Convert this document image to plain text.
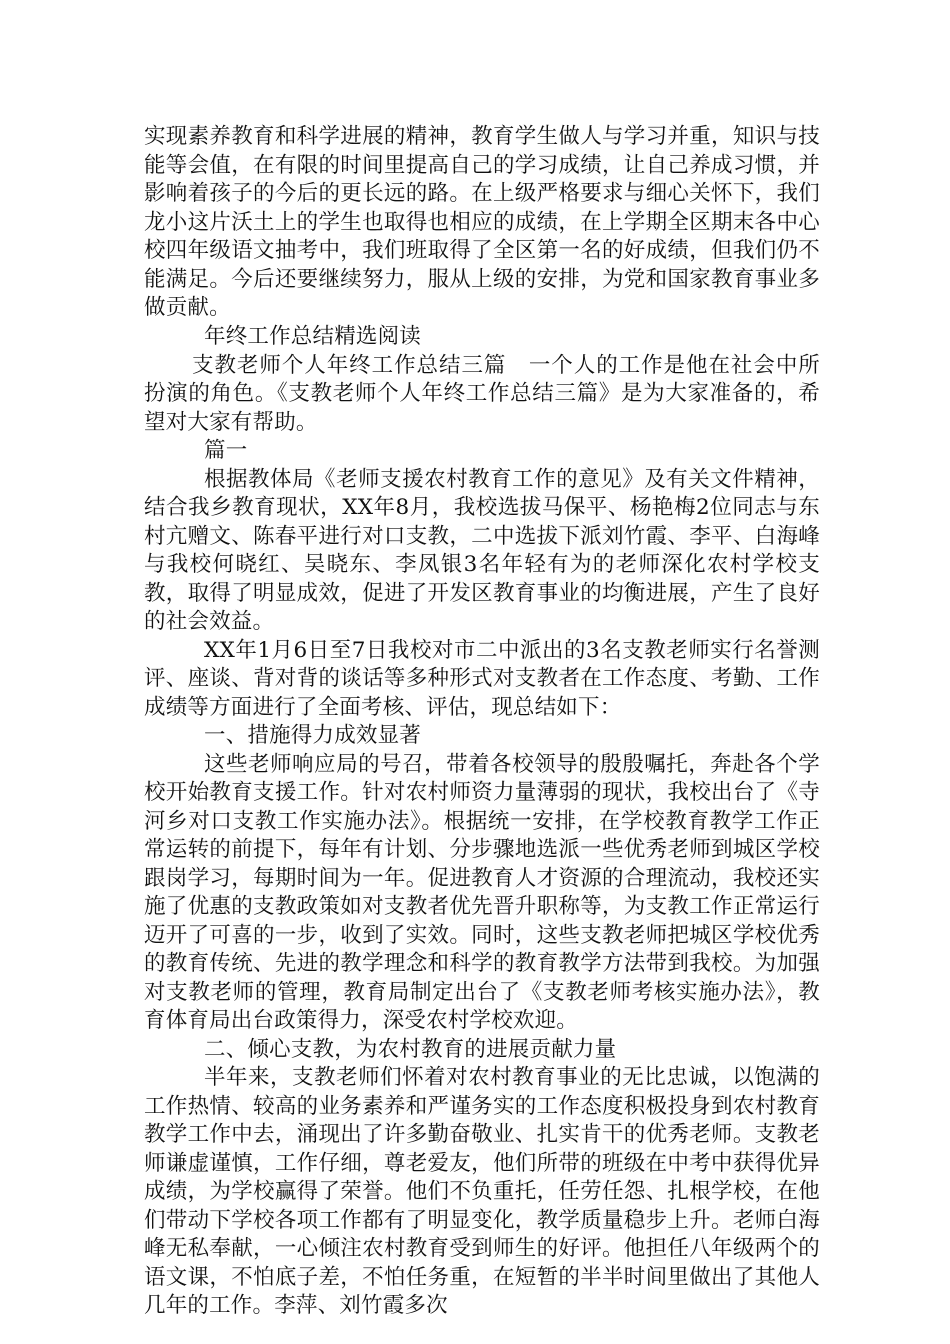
实现素养教育和科学进展的精神，教育学生做人与学习并重，知识与技能等会值，在有限的时间里提高自己的学习成绩，让自己养成习惯，并影响着孩子的今后的更长远的路。在上级严格要求与细心关怀下，我们龙小这片沃土上的学生也取得也相应的成绩，在上学期全区期末各中心校四年级语文抽考中，我们班取得了全区第一名的好成绩，但我们仍不能满足。今后还要继续努力，服从上级的安排，为党和国家教育事业多做贡献。

年终工作总结精选阅读

支教老师个人年终工作总结三篇　一个人的工作是他在社会中所扮演的角色。《支教老师个人年终工作总结三篇》是为大家准备的，希望对大家有帮助。

篇一

根据教体局《老师支援农村教育工作的意见》及有关文件精神，结合我乡教育现状，XX年8月，我校选拔马保平、杨艳梅2位同志与东村亢赠文、陈春平进行对口支教，二中选拔下派刘竹霞、李平、白海峰与我校何晓红、吴晓东、李凤银3名年轻有为的老师深化农村学校支教，取得了明显成效，促进了开发区教育事业的均衡进展，产生了良好的社会效益。

XX年1月6日至7日我校对市二中派出的3名支教老师实行名誉测评、座谈、背对背的谈话等多种形式对支教者在工作态度、考勤、工作成绩等方面进行了全面考核、评估，现总结如下：

一、措施得力成效显著

这些老师响应局的号召，带着各校领导的殷殷嘱托，奔赴各个学校开始教育支援工作。针对农村师资力量薄弱的现状，我校出台了《寺河乡对口支教工作实施办法》。根据统一安排，在学校教育教学工作正常运转的前提下，每年有计划、分步骤地选派一些优秀老师到城区学校跟岗学习，每期时间为一年。促进教育人才资源的合理流动，我校还实施了优惠的支教政策如对支教者优先晋升职称等，为支教工作正常运行迈开了可喜的一步，收到了实效。同时，这些支教老师把城区学校优秀的教育传统、先进的教学理念和科学的教育教学方法带到我校。为加强对支教老师的管理，教育局制定出台了《支教老师考核实施办法》，教育体育局出台政策得力，深受农村学校欢迎。

二、倾心支教，为农村教育的进展贡献力量

半年来，支教老师们怀着对农村教育事业的无比忠诚，以饱满的工作热情、较高的业务素养和严谨务实的工作态度积极投身到农村教育教学工作中去，涌现出了许多勤奋敬业、扎实肯干的优秀老师。支教老师谦虚谨慎，工作仔细，尊老爱友，他们所带的班级在中考中获得优异成绩，为学校赢得了荣誉。他们不负重托，任劳任怨、扎根学校，在他们带动下学校各项工作都有了明显变化，教学质量稳步上升。老师白海峰无私奉献，一心倾注农村教育受到师生的好评。他担任八年级两个的语文课，不怕底子差，不怕任务重，在短暂的半半时间里做出了其他人几年的工作。李萍、刘竹霞多次
